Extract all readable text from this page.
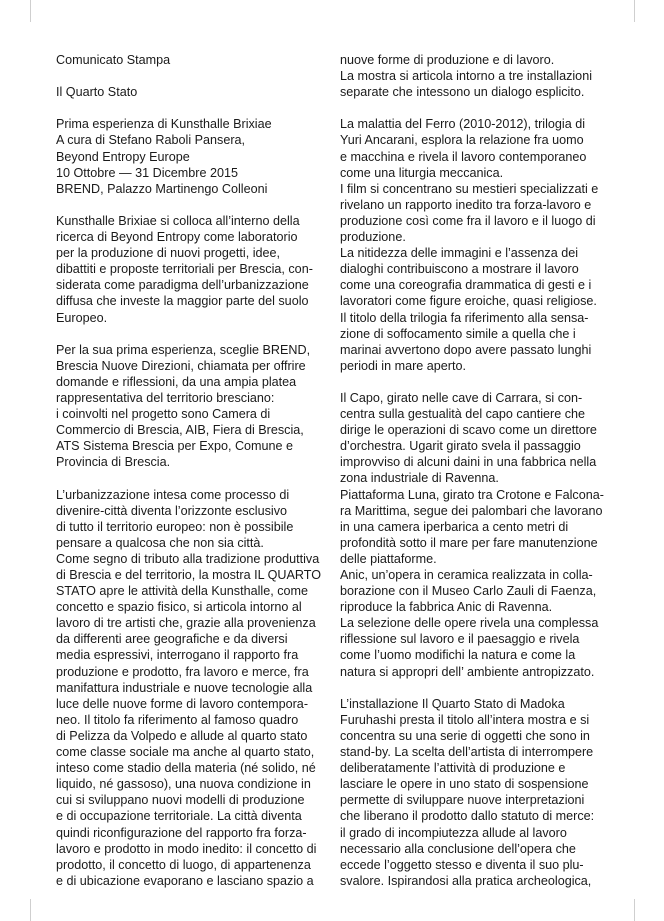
Comunicato Stampa

Il Quarto Stato

Prima esperienza di Kunsthalle Brixiae
A cura di Stefano Raboli Pansera,
Beyond Entropy Europe
10 Ottobre — 31 Dicembre 2015
BREND, Palazzo Martinengo Colleoni

Kunsthalle Brixiae si colloca all’interno della
ricerca di Beyond Entropy come laboratorio
per la produzione di nuovi progetti, idee,
dibattiti e proposte territoriali per Brescia, con-
siderata come paradigma dell’urbanizzazione
diffusa che investe la maggior parte del suolo
Europeo.

Per la sua prima esperienza, sceglie BREND,
Brescia Nuove Direzioni, chiamata per offrire
domande e riflessioni, da una ampia platea
rappresentativa del territorio bresciano:
i coinvolti nel progetto sono Camera di
Commercio di Brescia, AIB, Fiera di Brescia,
ATS Sistema Brescia per Expo, Comune e
Provincia di Brescia.

L’urbanizzazione intesa come processo di
divenire-città diventa l’orizzonte esclusivo
di tutto il territorio europeo: non è possibile
pensare a qualcosa che non sia città.
Come segno di tributo alla tradizione produttiva
di Brescia e del territorio, la mostra IL QUARTO
STATO apre le attività della Kunsthalle, come
concetto e spazio fisico, si articola intorno al
lavoro di tre artisti che, grazie alla provenienza
da differenti aree geografiche e da diversi
media espressivi, interrogano il rapporto fra
produzione e prodotto, fra lavoro e merce, fra
manifattura industriale e nuove tecnologie alla
luce delle nuove forme di lavoro contempora-
neo. Il titolo fa riferimento al famoso quadro
di Pelizza da Volpedo e allude al quarto stato
come classe sociale ma anche al quarto stato,
inteso come stadio della materia (né solido, né
liquido, né gassoso), una nuova condizione in
cui si sviluppano nuovi modelli di produzione
e di occupazione territoriale. La città diventa
quindi riconfigurazione del rapporto fra forza-
lavoro e prodotto in modo inedito: il concetto di
prodotto, il concetto di luogo, di appartenenza
e di ubicazione evaporano e lasciano spazio a

nuove forme di produzione e di lavoro.
La mostra si articola intorno a tre installazioni
separate che intessono un dialogo esplicito.

La malattia del Ferro (2010-2012), trilogia di
Yuri Ancarani, esplora la relazione fra uomo
e macchina e rivela il lavoro contemporaneo
come una liturgia meccanica.
I film si concentrano su mestieri specializzati e
rivelano un rapporto inedito tra forza-lavoro e
produzione così come fra il lavoro e il luogo di
produzione.
La nitidezza delle immagini e l’assenza dei
dialoghi contribuiscono a mostrare il lavoro
come una coreografia drammatica di gesti e i
lavoratori come figure eroiche, quasi religiose.
Il titolo della trilogia fa riferimento alla sensa-
zione di soffocamento simile a quella che i
marinai avvertono dopo avere passato lunghi
periodi in mare aperto.

Il Capo, girato nelle cave di Carrara, si con-
centra sulla gestualità del capo cantiere che
dirige le operazioni di scavo come un direttore
d’orchestra. Ugarit girato svela il passaggio
improvviso di alcuni daini in una fabbrica nella
zona industriale di Ravenna.
Piattaforma Luna, girato tra Crotone e Falcona-
ra Marittima, segue dei palombari che lavorano
in una camera iperbarica a cento metri di
profondità sotto il mare per fare manutenzione
delle piattaforme.
Anic, un’opera in ceramica realizzata in colla-
borazione con il Museo Carlo Zauli di Faenza,
riproduce la fabbrica Anic di Ravenna.
La selezione delle opere rivela una complessa
riflessione sul lavoro e il paesaggio e rivela
come l’uomo modifichi la natura e come la
natura si appropri dell’ ambiente antropizzato.

L’installazione Il Quarto Stato di Madoka
Furuhashi presta il titolo all’intera mostra e si
concentra su una serie di oggetti che sono in
stand-by. La scelta dell’artista di interrompere
deliberatamente l’attività di produzione e
lasciare le opere in uno stato di sospensione
permette di sviluppare nuove interpretazioni
che liberano il prodotto dallo statuto di merce:
il grado di incompiutezza allude al lavoro
necessario alla conclusione dell’opera che
eccede l’oggetto stesso e diventa il suo plu-
svalore. Ispirandosi alla pratica archeologica,
